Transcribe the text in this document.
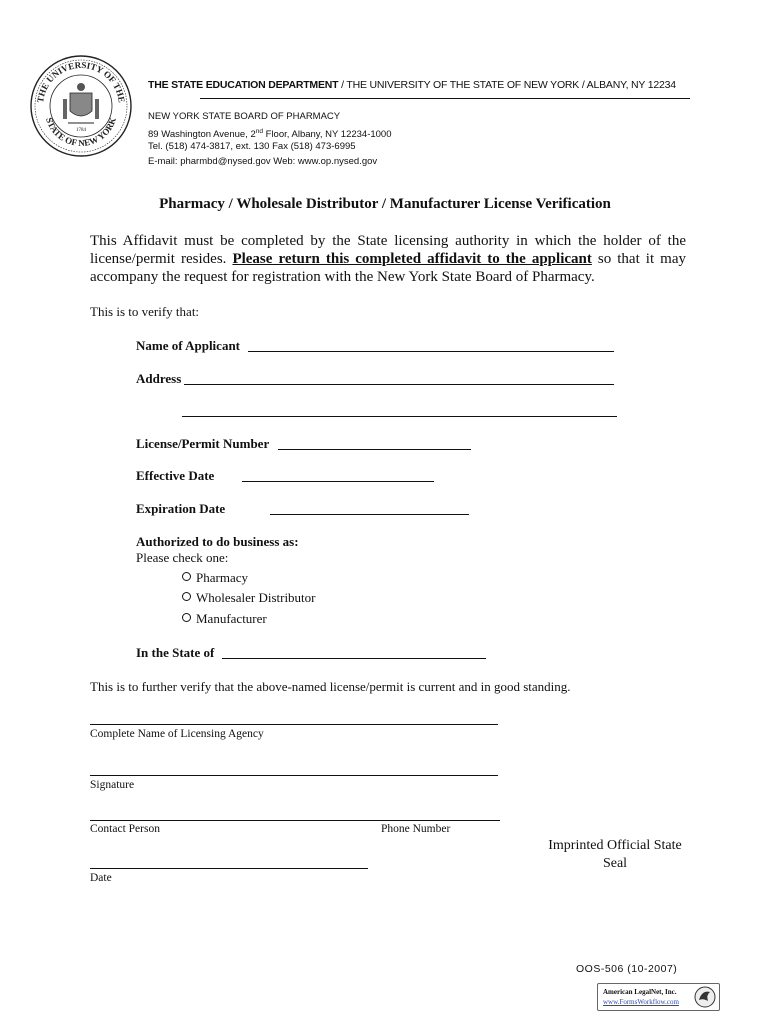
THE UNIVERSITY OF THE
STATE OF NEW YORK
1784
THE STATE EDUCATION DEPARTMENT / THE UNIVERSITY OF THE STATE OF NEW YORK / ALBANY, NY 12234
NEW YORK STATE BOARD OF PHARMACY
89 Washington Avenue, 2nd Floor, Albany, NY 12234-1000
Tel. (518) 474-3817, ext. 130 Fax (518) 473-6995
E-mail: pharmbd@nysed.gov Web: www.op.nysed.gov
Pharmacy / Wholesale Distributor / Manufacturer License Verification
This Affidavit must be completed by the State licensing authority in which the holder of the license/permit resides. Please return this completed affidavit to the applicant so that it may accompany the request for registration with the New York State Board of Pharmacy.
This is to verify that:
Name of Applicant
Address
License/Permit Number
Effective Date
Expiration Date
Authorized to do business as:
Please check one:
Pharmacy
Wholesaler Distributor
Manufacturer
In the State of
This is to further verify that the above-named license/permit is current and in good standing.
Complete Name of Licensing Agency
Signature
Contact Person	Phone Number
Date
Imprinted Official State
Seal
OOS-506 (10-2007)
American LegalNet, Inc.
www.FormsWorkflow.com
